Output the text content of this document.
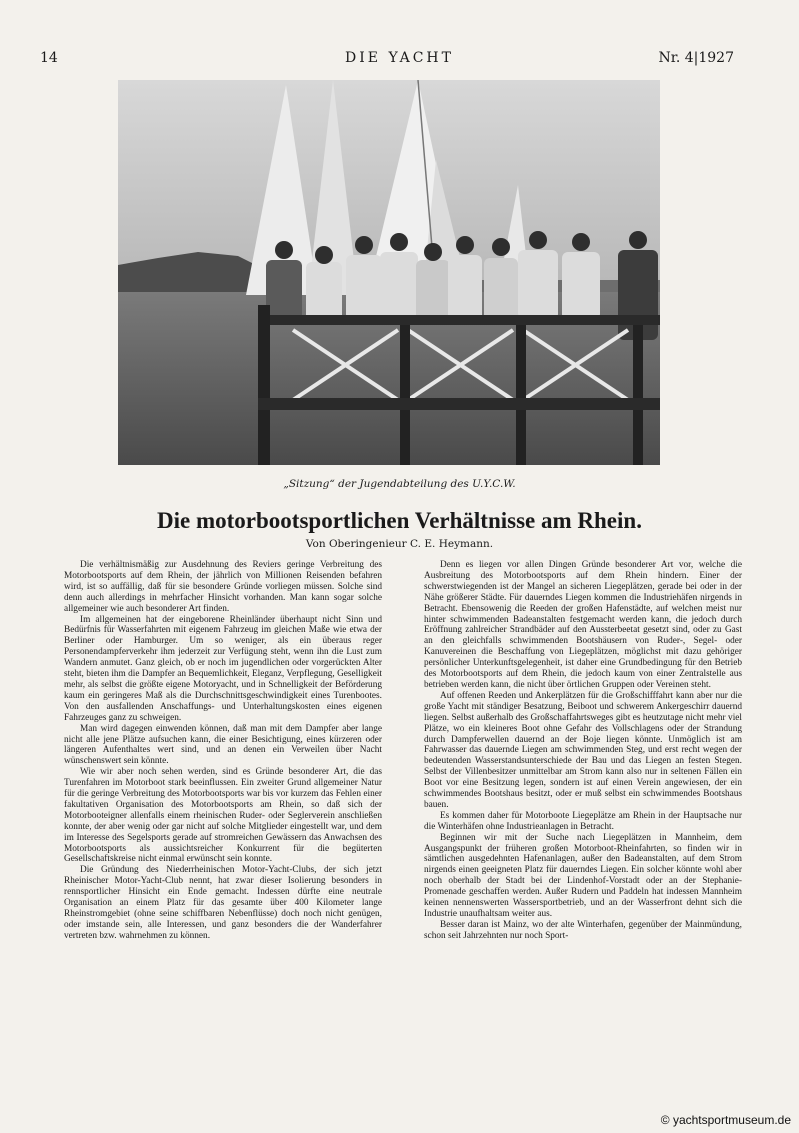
14	DIE YACHT	Nr. 4|1927
„Sitzung“ der Jugendabteilung des U.Y.C.W.
Die motorbootsportlichen Verhältnisse am Rhein.
Von Oberingenieur C. E. Heymann.

Die verhältnismäßig zur Ausdehnung des Reviers geringe Verbreitung des Motorbootsports auf dem Rhein, der jährlich von Millionen Reisenden befahren wird, ist so auffällig, daß für sie besondere Gründe vorliegen müssen. Solche sind denn auch allerdings in mehrfacher Hinsicht vorhanden. Man kann sogar solche allgemeiner wie auch besonderer Art finden.

Im allgemeinen hat der eingeborene Rheinländer überhaupt nicht Sinn und Bedürfnis für Wasserfahrten mit eigenem Fahrzeug im gleichen Maße wie etwa der Berliner oder Hamburger. Um so weniger, als ein überaus reger Personendampferverkehr ihm jederzeit zur Verfügung steht, wenn ihn die Lust zum Wandern anmutet. Ganz gleich, ob er noch im jugendlichen oder vorgerückten Alter steht, bieten ihm die Dampfer an Bequemlichkeit, Eleganz, Verpflegung, Geselligkeit mehr, als selbst die größte eigene Motoryacht, und in Schnelligkeit der Beförderung kaum ein geringeres Maß als die Durchschnittsgeschwindigkeit eines Turenbootes. Von den ausfallenden Anschaffungs- und Unterhaltungskosten eines eigenen Fahrzeuges ganz zu schweigen.

Man wird dagegen einwenden können, daß man mit dem Dampfer aber lange nicht alle jene Plätze aufsuchen kann, die einer Besichtigung, eines kürzeren oder längeren Aufenthaltes wert sind, und an denen ein Verweilen über Nacht wünschenswert sein könnte.

Wie wir aber noch sehen werden, sind es Gründe besonderer Art, die das Turenfahren im Motorboot stark beeinflussen. Ein zweiter Grund allgemeiner Natur für die geringe Verbreitung des Motorbootsports war bis vor kurzem das Fehlen einer fakultativen Organisation des Motorbootsports am Rhein, so daß sich der Motorbooteigner allenfalls einem rheinischen Ruder- oder Seglerverein anschließen konnte, der aber wenig oder gar nicht auf solche Mitglieder eingestellt war, und dem im Interesse des Segelsports gerade auf stromreichen Gewässern das Anwachsen des Motorbootsports als aussichtsreicher Konkurrent für die begüterten Gesellschaftskreise nicht einmal erwünscht sein konnte.

Die Gründung des Niederrheinischen Motor-Yacht-Clubs, der sich jetzt Rheinischer Motor-Yacht-Club nennt, hat zwar dieser Isolierung besonders in rennsportlicher Hinsicht ein Ende gemacht. Indessen dürfte eine neutrale Organisation an einem Platz für das gesamte über 400 Kilometer lange Rheinstromgebiet (ohne seine schiffbaren Nebenflüsse) doch noch nicht genügen, oder imstande sein, alle Interessen, und ganz besonders die der Wanderfahrer vertreten bzw. wahrnehmen zu können.

Denn es liegen vor allen Dingen Gründe besonderer Art vor, welche die Ausbreitung des Motorbootsports auf dem Rhein hindern. Einer der schwerstwiegenden ist der Mangel an sicheren Liegeplätzen, gerade bei oder in der Nähe größerer Städte. Für dauerndes Liegen kommen die Industriehäfen nirgends in Betracht. Ebensowenig die Reeden der großen Hafenstädte, auf welchen meist nur hinter schwimmenden Badeanstalten festgemacht werden kann, die jedoch durch Eröffnung zahlreicher Strandbäder auf den Aussterbeetat gesetzt sind, oder zu Gast an den gleichfalls schwimmenden Bootshäusern von Ruder-, Segel- oder Kanuvereinen die Beschaffung von Liegeplätzen, möglichst mit dazu gehöriger persönlicher Unterkunftsgelegenheit, ist daher eine Grundbedingung für den Betrieb des Motorbootsports auf dem Rhein, die jedoch kaum von einer Zentralstelle aus betrieben werden kann, die nicht über örtlichen Gruppen oder Vereinen steht.

Auf offenen Reeden und Ankerplätzen für die Großschifffahrt kann aber nur die große Yacht mit ständiger Besatzung, Beiboot und schwerem Ankergeschirr dauernd liegen. Selbst außerhalb des Großschaffahrtsweges gibt es heutzutage nicht mehr viel Plätze, wo ein kleineres Boot ohne Gefahr des Vollschlagens oder der Strandung durch Dampferwellen dauernd an der Boje liegen könnte. Unmöglich ist am Fahrwasser das dauernde Liegen am schwimmenden Steg, und erst recht wegen der bedeutenden Wasserstandsunterschiede der Bau und das Liegen an festen Stegen. Selbst der Villenbesitzer unmittelbar am Strom kann also nur in seltenen Fällen ein Boot vor eine Besitzung legen, sondern ist auf einen Verein angewiesen, der ein schwimmendes Bootshaus besitzt, oder er muß selbst ein schwimmendes Bootshaus bauen.

Es kommen daher für Motorboote Liegeplätze am Rhein in der Hauptsache nur die Winterhäfen ohne Industrieanlagen in Betracht.

Beginnen wir mit der Suche nach Liegeplätzen in Mannheim, dem Ausgangspunkt der früheren großen Motorboot-Rheinfahrten, so finden wir in sämtlichen ausgedehnten Hafenanlagen, außer den Badeanstalten, auf dem Strom nirgends einen geeigneten Platz für dauerndes Liegen. Ein solcher könnte wohl aber noch oberhalb der Stadt bei der Lindenhof-Vorstadt oder an der Stephanie-Promenade geschaffen werden. Außer Rudern und Paddeln hat indessen Mannheim keinen nennenswerten Wassersportbetrieb, und an der Wasserfront dehnt sich die Industrie unaufhaltsam weiter aus.

Besser daran ist Mainz, wo der alte Winterhafen, gegenüber der Mainmündung, schon seit Jahrzehnten nur noch Sport-

© yachtsportmuseum.de
